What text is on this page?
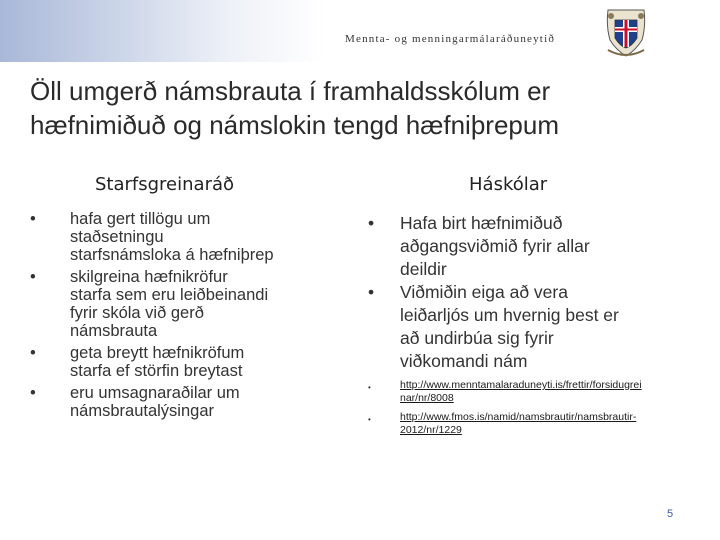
Mennta- og menningarmálaráðuneytið
Öll umgerð námsbrauta í framhaldsskólum er
hæfnimiðuð og námslokin tengd hæfniþrepum
Starfsgreinaráð	Háskólar
• hafa gert tillögu um
staðsetningu
starfsnámsloka á hæfniþrep
• skilgreina hæfnikröfur
starfa sem eru leiðbeinandi
fyrir skóla við gerð
námsbrauta
• geta breytt hæfnikröfum
starfa ef störfin breytast
• eru umsagnaraðilar um
námsbrautalýsingar
• Hafa birt hæfnimiðuð
aðgangsviðmið fyrir allar
deildir
• Viðmiðin eiga að vera
leiðarljós um hvernig best er
að undirbúa sig fyrir
viðkomandi nám
•	http://www.menntamalaraduneyti.is/frettir/forsidugrei
nar/nr/8008
•	http://www.fmos.is/namid/namsbrautir/namsbrautir-
2012/nr/1229
5
